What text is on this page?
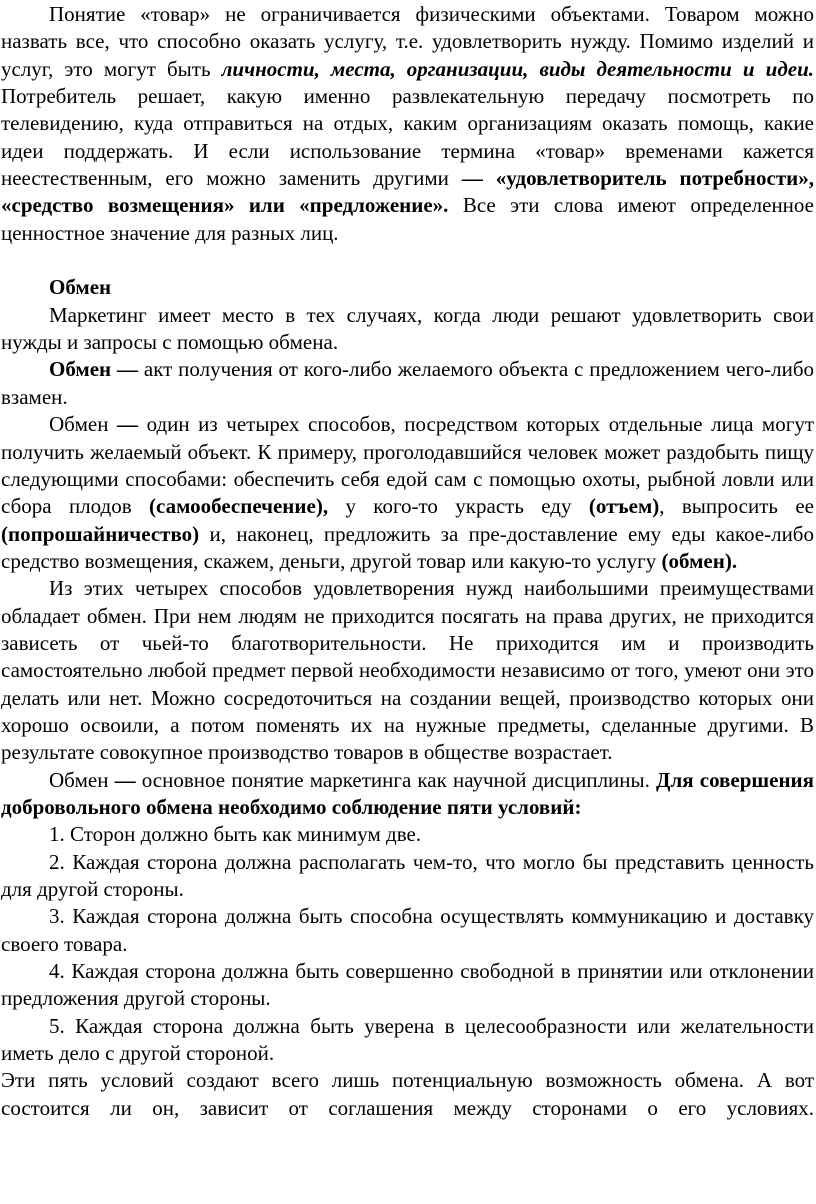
Понятие «товар» не ограничивается физическими объектами. Товаром можно назвать все, что способно оказать услугу, т.е. удовлетворить нужду. Помимо изделий и услуг, это могут быть личности, места, организации, виды деятельности и идеи. Потребитель решает, какую именно развлекательную передачу посмотреть по телевидению, куда отправиться на отдых, каким организациям оказать помощь, какие идеи поддержать. И если использование термина «товар» временами кажется неестественным, его можно заменить другими — «удовлетворитель потребности», «средство возмещения» или «предложение». Все эти слова имеют определенное ценностное значение для разных лиц.

Обмен

Маркетинг имеет место в тех случаях, когда люди решают удовлетворить свои нужды и запросы с помощью обмена.

Обмен — акт получения от кого-либо желаемого объекта с предложением чего-либо взамен.

Обмен — один из четырех способов, посредством которых отдельные лица могут получить желаемый объект. К примеру, проголодавшийся человек может раздобыть пищу следующими способами: обеспечить себя едой сам с помощью охоты, рыбной ловли или сбора плодов (самообеспечение), у кого-то украсть еду (отъем), выпросить ее (попрошайничество) и, наконец, предложить за пре-доставление ему еды какое-либо средство возмещения, скажем, деньги, другой товар или какую-то услугу (обмен).

Из этих четырех способов удовлетворения нужд наибольшими преимуществами обладает обмен. При нем людям не приходится посягать на права других, не приходится зависеть от чьей-то благотворительности. Не приходится им и производить самостоятельно любой предмет первой необходимости независимо от того, умеют они это делать или нет. Можно сосредоточиться на создании вещей, производство которых они хорошо освоили, а потом поменять их на нужные предметы, сделанные другими. В результате совокупное производство товаров в обществе возрастает.

Обмен — основное понятие маркетинга как научной дисциплины. Для совершения добровольного обмена необходимо соблюдение пяти условий:

1. Сторон должно быть как минимум две.

2. Каждая сторона должна располагать чем-то, что могло бы представить ценность для другой стороны.

3. Каждая сторона должна быть способна осуществлять коммуникацию и доставку своего товара.

4. Каждая сторона должна быть совершенно свободной в принятии или отклонении предложения другой стороны.

5. Каждая сторона должна быть уверена в целесообразности или желательности иметь дело с другой стороной.

Эти пять условий создают всего лишь потенциальную возможность обмена. А вот состоится ли он, зависит от соглашения между сторонами о его условиях.
